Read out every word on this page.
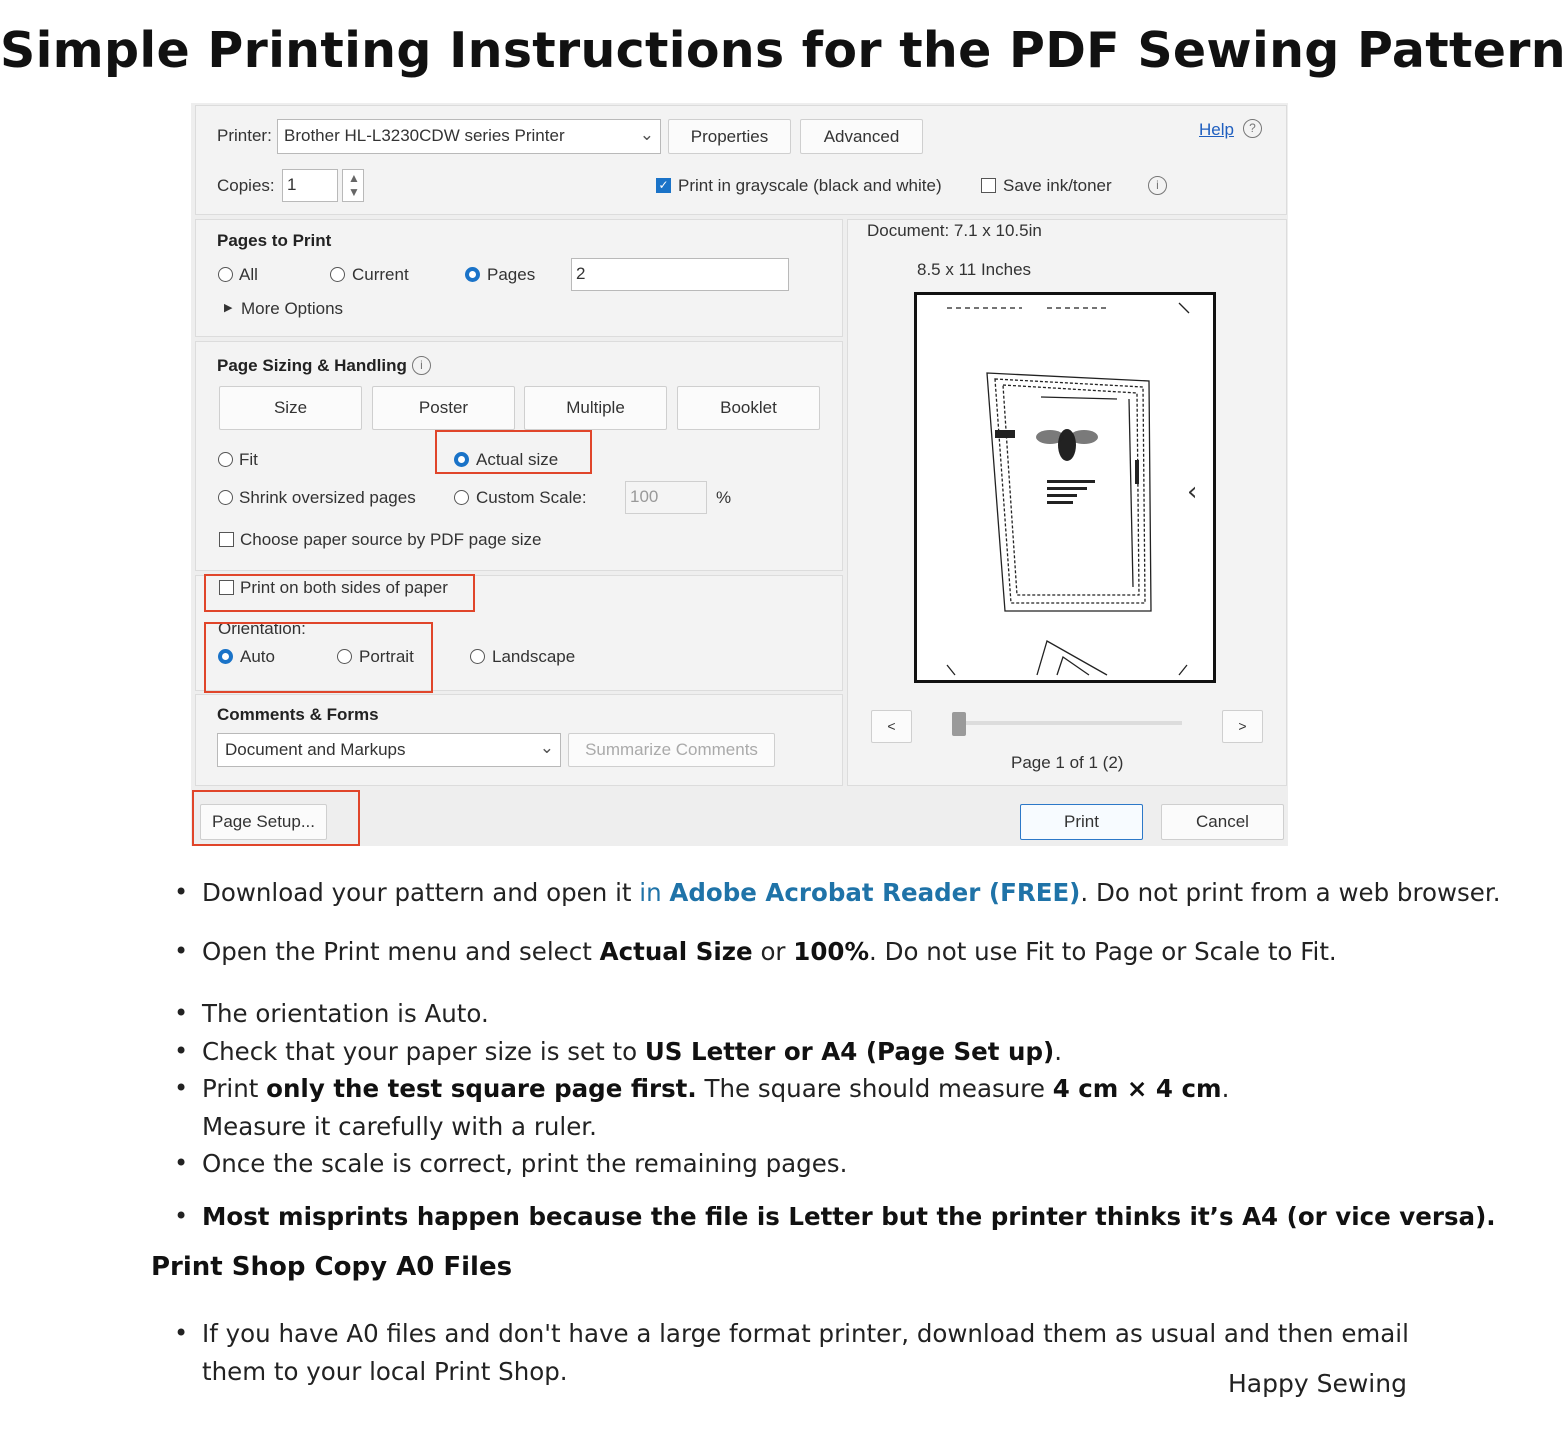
Simple Printing Instructions for the PDF Sewing Pattern
Printer: Brother HL-L3230CDW series Printer	⌄	Properties	Advanced	Help	?
Copies: 1	▲
▼	✓ Print in grayscale (black and white)	Save ink/toner	i
Pages to Print
All	Current	Pages 2
▶ More Options
Page Sizing & Handling	i
Size	Poster	Multiple	Booklet
Fit	Actual size
Shrink oversized pages	Custom Scale:	100	%
Choose paper source by PDF page size
Print on both sides of paper
Orientation:
Auto	Portrait	Landscape
Comments & Forms
Document and Markups	⌄	Summarize Comments
Document: 7.1 x 10.5in
8.5 x 11 Inches
‹
<	>
Page 1 of 1 (2)
Page Setup...	Print	Cancel
• Download your pattern and open it in Adobe Acrobat Reader (FREE). Do not print from a web browser.
• Open the Print menu and select Actual Size or 100%. Do not use Fit to Page or Scale to Fit.
• The orientation is Auto.
• Check that your paper size is set to US Letter or A4 (Page Set up).
• Print only the test square page first. The square should measure 4 cm × 4 cm.
Measure it carefully with a ruler.
• Once the scale is correct, print the remaining pages.
• Most misprints happen because the file is Letter but the printer thinks it’s A4 (or vice versa).
Print Shop Copy A0 Files
• If you have A0 files and don't have a large format printer, download them as usual and then email
them to your local Print Shop.	Happy Sewing
